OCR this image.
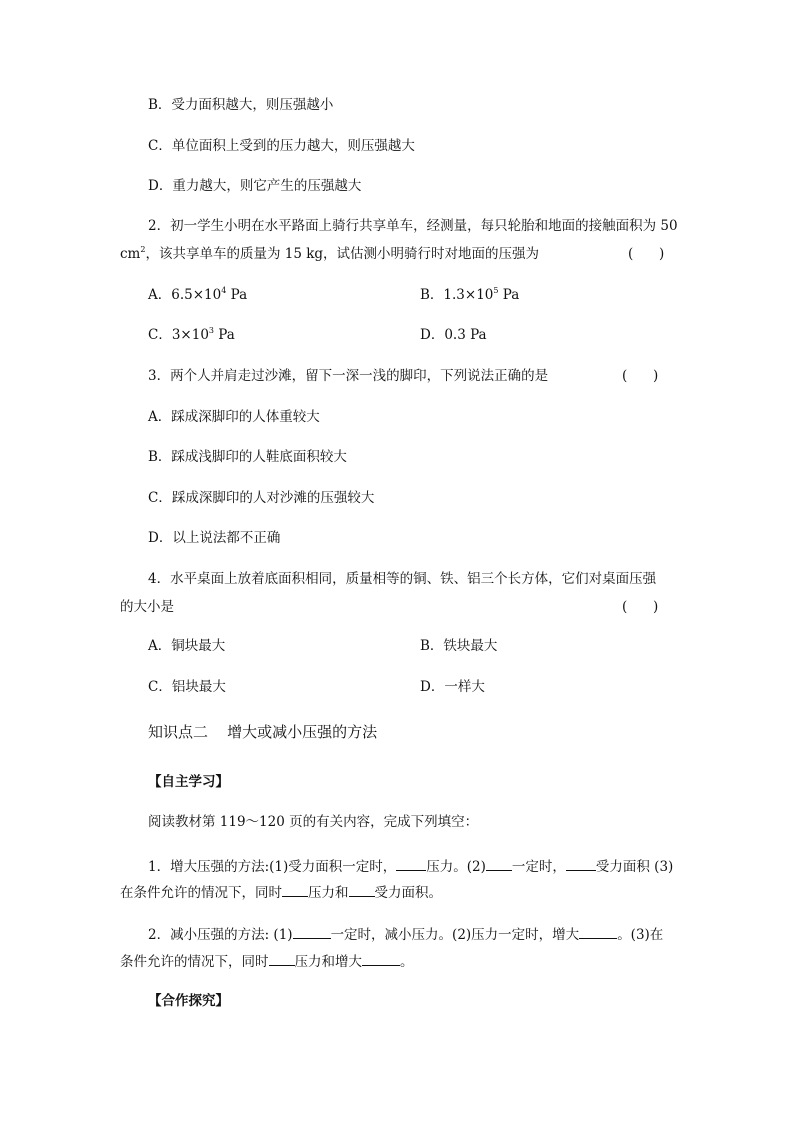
B．受力面积越大，则压强越小
C．单位面积上受到的压力越大，则压强越大
D．重力越大，则它产生的压强越大
2．初一学生小明在水平路面上骑行共享单车，经测量，每只轮胎和地面的接触面积为 50
$cm^2$，该共享单车的质量为 15 kg，试估测小明骑行时对地面的压强为	(      )
A．$6.5\times 10^4$ Pa	B．$1.3\times 10^5$ Pa
C．$3\times 10^3$ Pa	D．0.3 Pa
3．两个人并肩走过沙滩，留下一深一浅的脚印，下列说法正确的是	(      )
A．踩成深脚印的人体重较大
B．踩成浅脚印的人鞋底面积较大
C．踩成深脚印的人对沙滩的压强较大
D．以上说法都不正确
4．水平桌面上放着底面积相同，质量相等的铜、铁、铝三个长方体，它们对桌面压强
的大小是	(      )
A．铜块最大	B．铁块最大
C．铝块最大	D．一样大
知识点二    增大或减小压强的方法
【自主学习】
阅读教材第 119～120 页的有关内容，完成下列填空：
1．增大压强的方法:(1)受力面积一定时， 压力。(2) 一定时， 受力面积 (3)
在条件允许的情况下，同时 压力和 受力面积。
2．减小压强的方法: (1)	一定时，减小压力。(2)压力一定时，增大	。(3)在
条件允许的情况下，同时 压力和增大	。
【合作探究】
